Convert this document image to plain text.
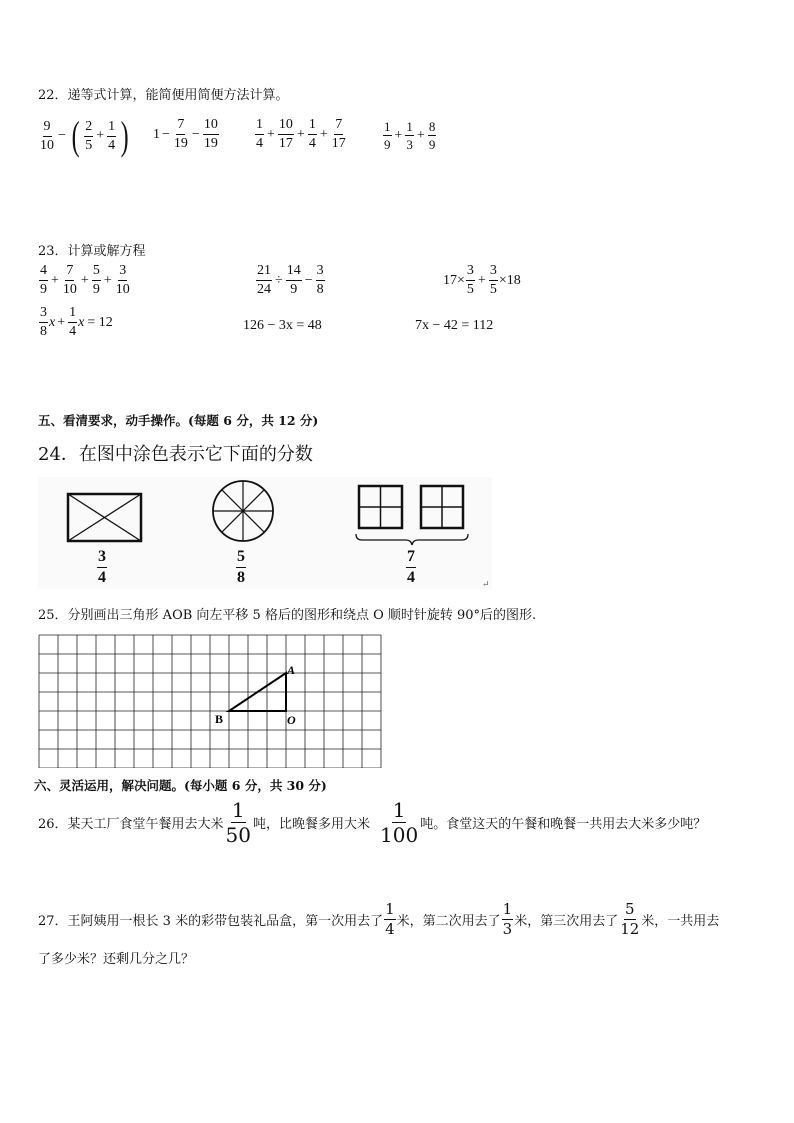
22．递等式计算，能简便用简便方法计算。
$\frac{9}{10}$ − ( $\frac{2}{5} + \frac{1}{4}$ ) $1 - \frac{7}{19} - \frac{10}{19}$	$\frac{1}{4} + \frac{10}{17} + \frac{1}{4} + \frac{7}{17}$	$\frac{1}{9} + \frac{1}{3} + \frac{8}{9}$
23．计算或解方程
$\frac{4}{9} + \frac{7}{10} + \frac{5}{9} + \frac{3}{10}$	$\frac{21}{24} \div \frac{14}{9} - \frac{3}{8}$	$17\times \frac{3}{5} + \frac{3}{5} \times 18$
$\frac{3}{8}$ $x + \frac{1}{4}$ x = 12	126 − 3x = 48	7x − 42 = 112
五、看清要求，动手操作。(每题 6 分，共 12 分)
24．在图中涂色表示它下面的分数
↵
$\frac{3}{4}$	$\frac{5}{8}$	$\frac{7}{4}$
25．分别画出三角形 AOB 向左平移 5 格后的图形和绕点 O 顺时针旋转 90°后的图形.
A
B	O
六、灵活运用，解决问题。(每小题 6 分，共 30 分)
26．某天工厂食堂午餐用去大米 $\frac{1}{50}$ 吨，比晚餐多用大米 $\frac{1}{100}$ 吨。食堂这天的午餐和晚餐一共用去大米多少吨？
27．王阿姨用一根长 3 米的彩带包装礼品盒，第一次用去了 $\frac{1}{4}$ 米，第二次用去了 $\frac{1}{3}$ 米，第三次用去了 $\frac{5}{12}$ 米，一共用去
了多少米？还剩几分之几？
